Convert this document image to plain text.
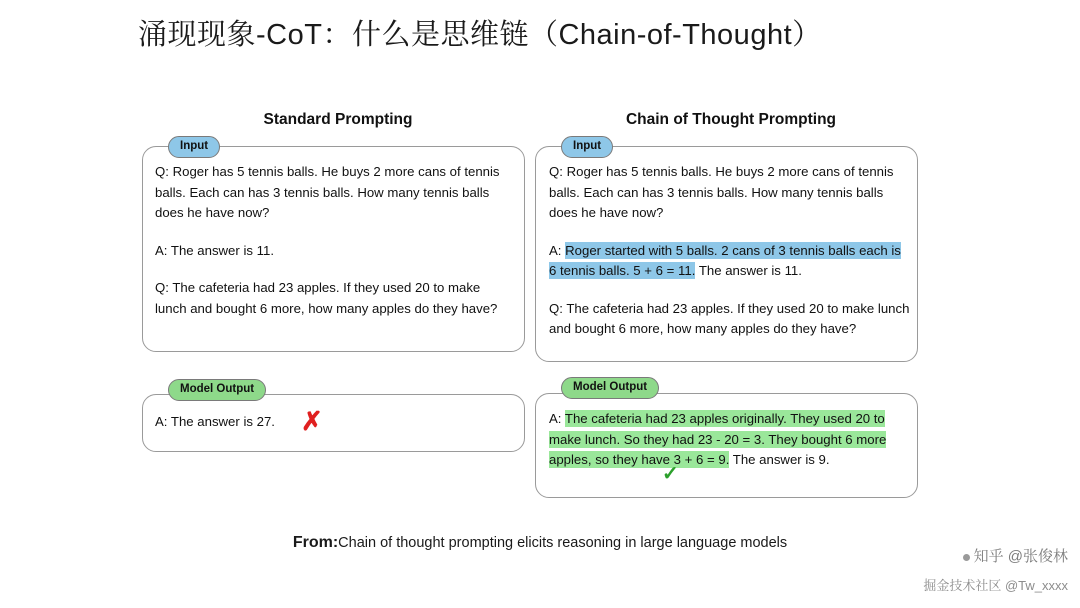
涌现现象-CoT：什么是思维链（Chain-of-Thought）
Standard Prompting	Chain of Thought Prompting
Input

Q: Roger has 5 tennis balls. He buys 2 more cans of tennis balls. Each can has 3 tennis balls. How many tennis balls does he have now?

A: The answer is 11.

Q: The cafeteria had 23 apples. If they used 20 to make lunch and bought 6 more, how many apples do they have?

Model Output
A: The answer is 27.	✗
Input

Q: Roger has 5 tennis balls. He buys 2 more cans of tennis balls. Each can has 3 tennis balls. How many tennis balls does he have now?

A: Roger started with 5 balls. 2 cans of 3 tennis balls each is 6 tennis balls. 5 + 6 = 11. The answer is 11.

Q: The cafeteria had 23 apples. If they used 20 to make lunch and bought 6 more, how many apples do they have?

Model Output

A: The cafeteria had 23 apples originally. They used 20 to make lunch. So they had 23 - 20 = 3. They bought 6 more apples, so they have 3 + 6 = 9. The answer is 9.

✓
From:Chain of thought prompting elicits reasoning in large language models
知乎 @张俊林
掘金技术社区 @Tw_xxxx
